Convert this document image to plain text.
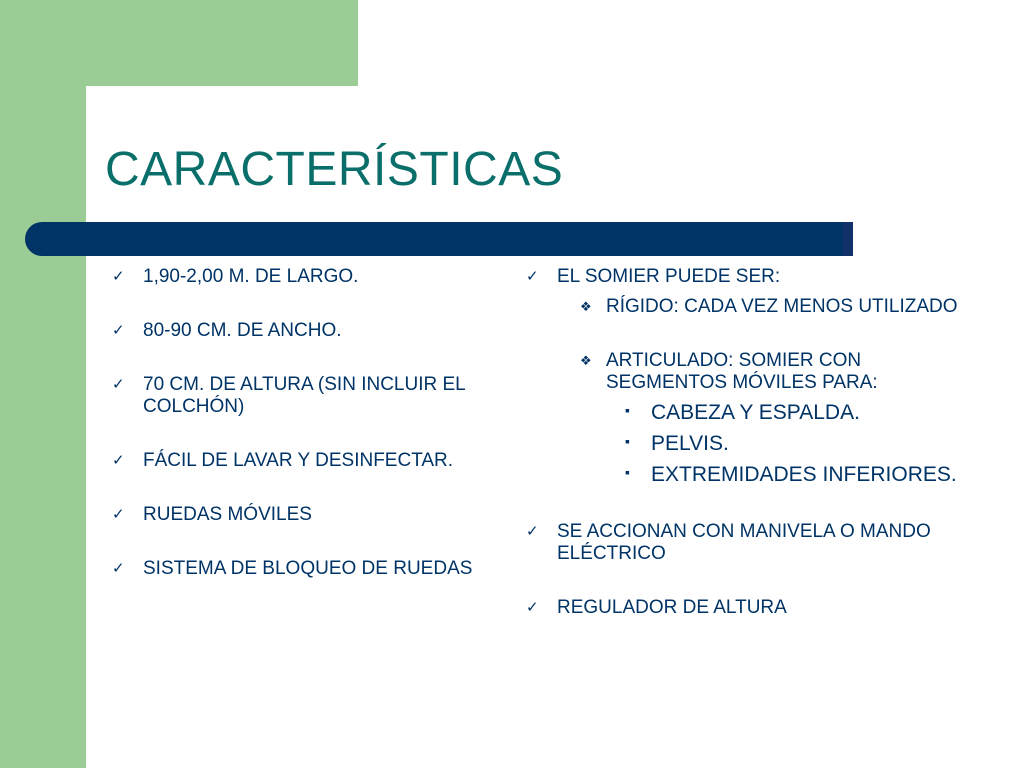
CARACTERÍSTICAS
✓ 1,90-2,00 M. DE LARGO.
✓ 80-90 CM. DE ANCHO.
✓ 70 CM. DE ALTURA (SIN INCLUIR EL COLCHÓN)
✓ FÁCIL DE LAVAR Y DESINFECTAR.
✓ RUEDAS MÓVILES
✓ SISTEMA DE BLOQUEO DE RUEDAS
✓ EL SOMIER PUEDE SER:
❖ RÍGIDO: CADA VEZ MENOS UTILIZADO
❖ ARTICULADO: SOMIER CON SEGMENTOS MÓVILES PARA:
▪ CABEZA Y ESPALDA.
▪ PELVIS.
▪ EXTREMIDADES INFERIORES.
✓ SE ACCIONAN CON MANIVELA O MANDO ELÉCTRICO
✓ REGULADOR DE ALTURA
